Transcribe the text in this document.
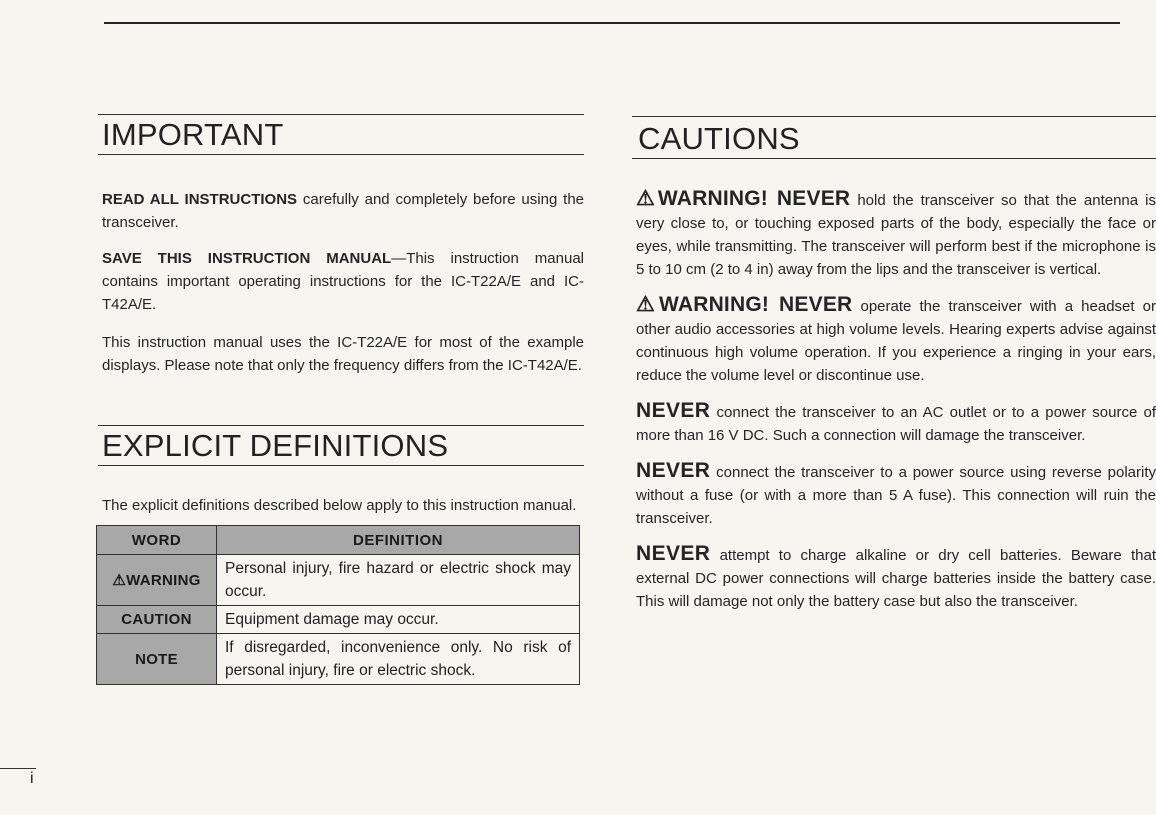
IMPORTANT

READ ALL INSTRUCTIONS carefully and completely before using the transceiver.

SAVE THIS INSTRUCTION MANUAL—This instruction manual contains important operating instructions for the IC-T22A/E and IC-T42A/E.

This instruction manual uses the IC-T22A/E for most of the example displays. Please note that only the frequency differs from the IC-T42A/E.

EXPLICIT DEFINITIONS

The explicit definitions described below apply to this instruction manual.

WORD	DEFINITION
⚠WARNING	Personal injury, fire hazard or electric shock may occur.
CAUTION	Equipment damage may occur.
NOTE	If disregarded, inconvenience only. No risk of personal injury, fire or electric shock.
CAUTIONS

⚠WARNING! NEVER hold the transceiver so that the antenna is very close to, or touching exposed parts of the body, especially the face or eyes, while transmitting. The transceiver will perform best if the microphone is 5 to 10 cm (2 to 4 in) away from the lips and the transceiver is vertical.

⚠WARNING! NEVER operate the transceiver with a headset or other audio accessories at high volume levels. Hearing experts advise against continuous high volume operation. If you experience a ringing in your ears, reduce the volume level or discontinue use.

NEVER connect the transceiver to an AC outlet or to a power source of more than 16 V DC. Such a connection will damage the transceiver.

NEVER connect the transceiver to a power source using reverse polarity without a fuse (or with a more than 5 A fuse). This connection will ruin the transceiver.

NEVER attempt to charge alkaline or dry cell batteries. Beware that external DC power connections will charge batteries inside the battery case. This will damage not only the battery case but also the transceiver.

i
